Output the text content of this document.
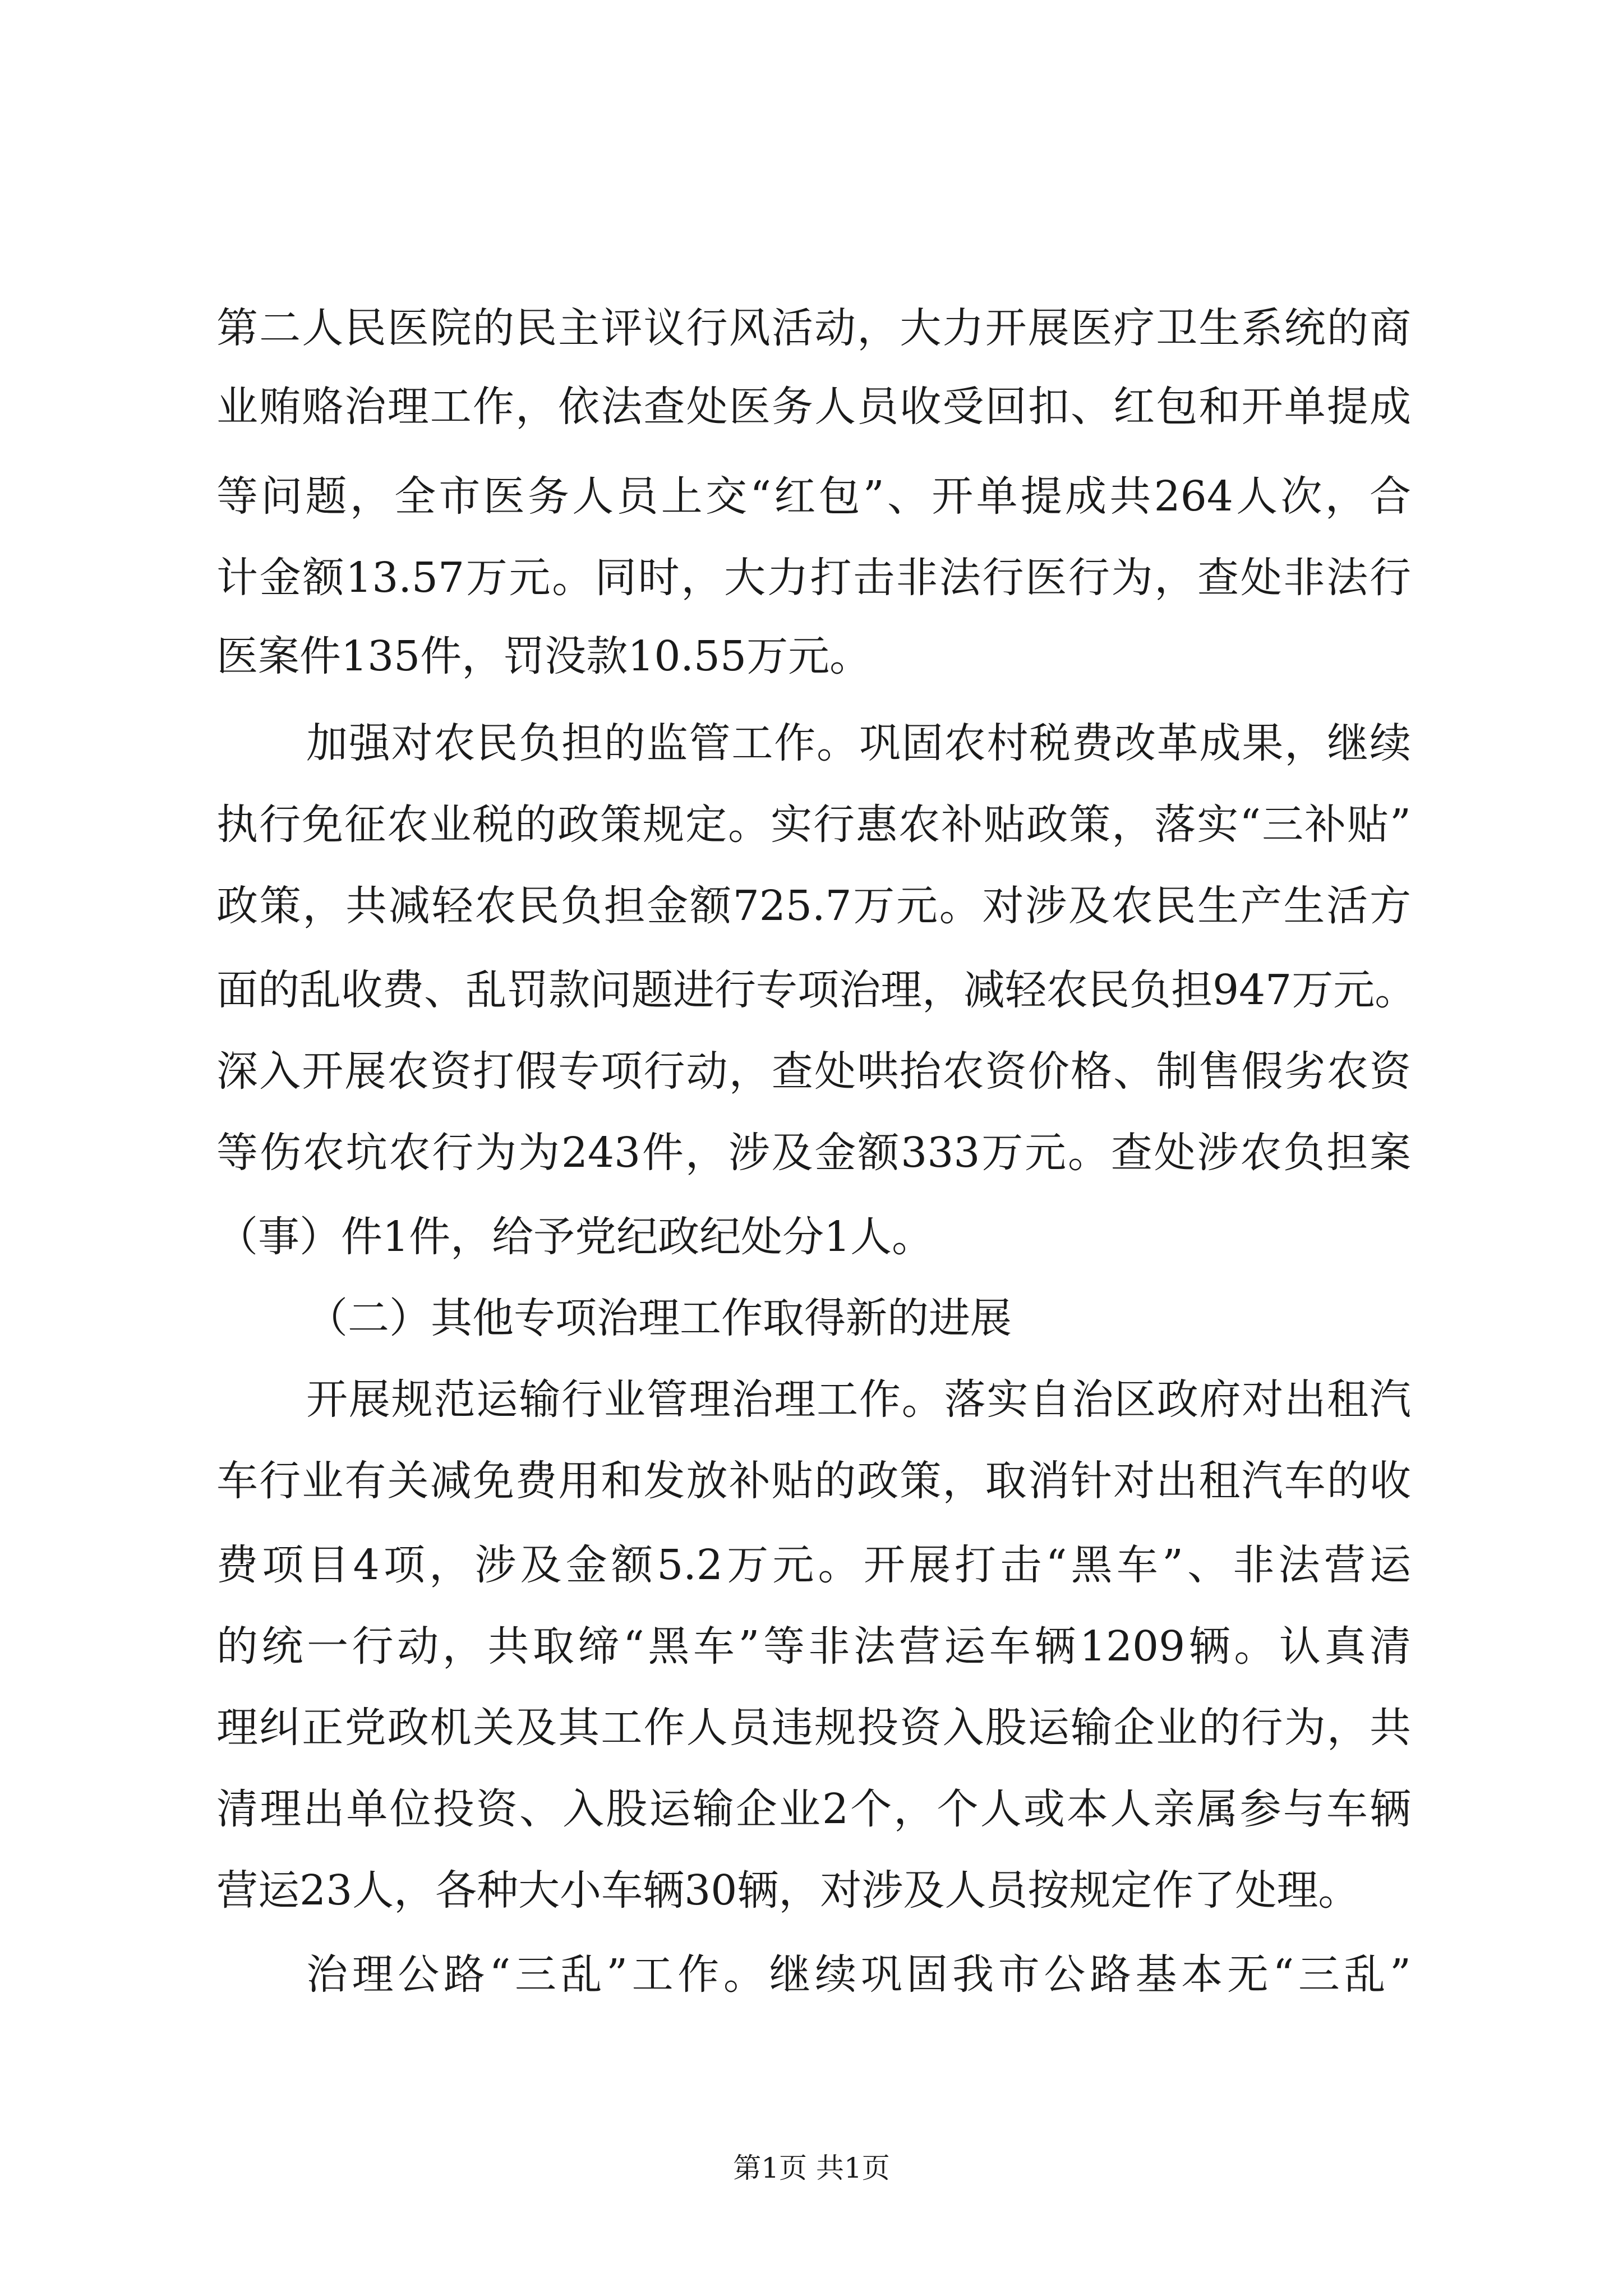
第二人民医院的民主评议行风活动，大力开展医疗卫生系统的商
业贿赂治理工作，依法查处医务人员收受回扣、红包和开单提成
等问题，全市医务人员上交“红包”、开单提成共264人次，合
计金额13.57万元。同时，大力打击非法行医行为，查处非法行
医案件135件，罚没款10.55万元。
加强对农民负担的监管工作。巩固农村税费改革成果，继续
执行免征农业税的政策规定。实行惠农补贴政策，落实“三补贴”
政策，共减轻农民负担金额725.7万元。对涉及农民生产生活方
面的乱收费、乱罚款问题进行专项治理，减轻农民负担947万元。
深入开展农资打假专项行动，查处哄抬农资价格、制售假劣农资
等伤农坑农行为为243件，涉及金额333万元。查处涉农负担案
（事）件1件，给予党纪政纪处分1人。
（二）其他专项治理工作取得新的进展
开展规范运输行业管理治理工作。落实自治区政府对出租汽
车行业有关减免费用和发放补贴的政策，取消针对出租汽车的收
费项目4项，涉及金额5.2万元。开展打击“黑车”、非法营运
的统一行动，共取缔“黑车”等非法营运车辆1209辆。认真清
理纠正党政机关及其工作人员违规投资入股运输企业的行为，共
清理出单位投资、入股运输企业2个，个人或本人亲属参与车辆
营运23人，各种大小车辆30辆，对涉及人员按规定作了处理。
治理公路“三乱”工作。继续巩固我市公路基本无“三乱”
第1页 共1页
